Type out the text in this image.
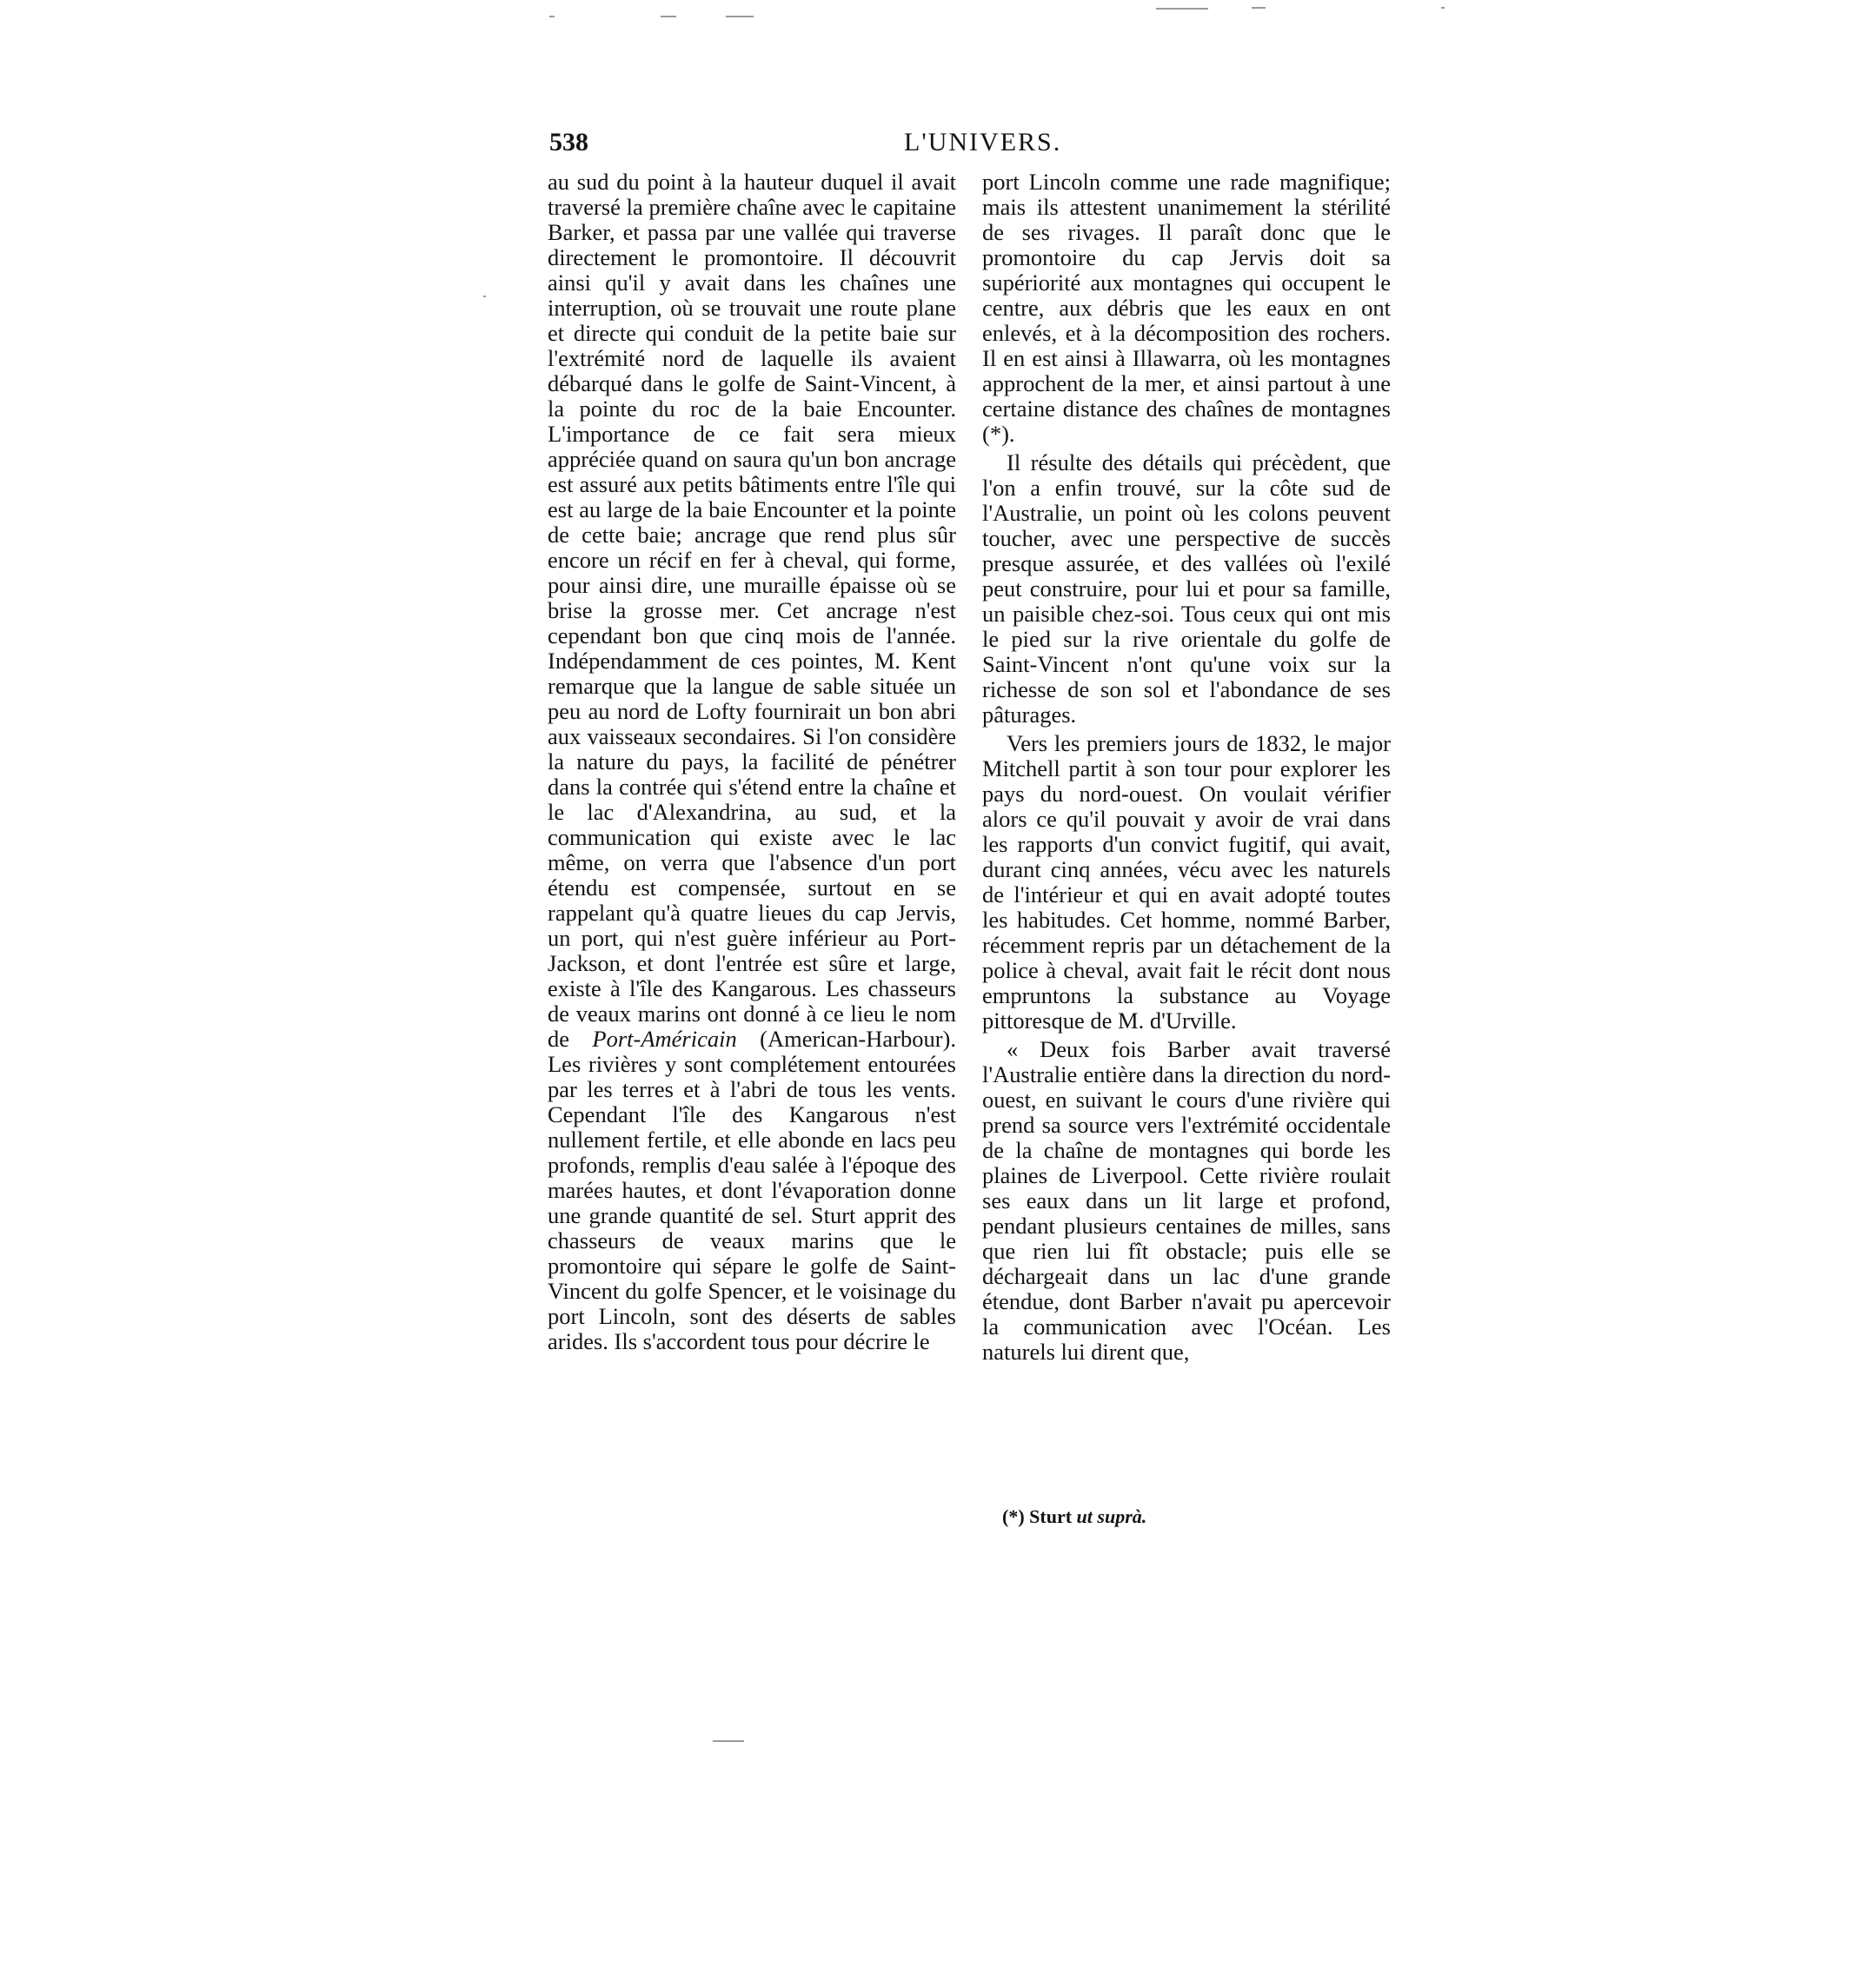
538	L'UNIVERS.

au sud du point à la hauteur duquel il avait traversé la première chaîne avec le capitaine Barker, et passa par une vallée qui traverse directement le promontoire. Il découvrit ainsi qu'il y avait dans les chaînes une interruption, où se trouvait une route plane et directe qui conduit de la petite baie sur l'extrémité nord de laquelle ils avaient débarqué dans le golfe de Saint-Vincent, à la pointe du roc de la baie Encounter. L'importance de ce fait sera mieux appréciée quand on saura qu'un bon ancrage est assuré aux petits bâtiments entre l'île qui est au large de la baie Encounter et la pointe de cette baie; ancrage que rend plus sûr encore un récif en fer à cheval, qui forme, pour ainsi dire, une muraille épaisse où se brise la grosse mer. Cet ancrage n'est cependant bon que cinq mois de l'année. Indépendamment de ces pointes, M. Kent remarque que la langue de sable située un peu au nord de Lofty fournirait un bon abri aux vaisseaux secondaires. Si l'on considère la nature du pays, la facilité de pénétrer dans la contrée qui s'étend entre la chaîne et le lac d'Alexandrina, au sud, et la communication qui existe avec le lac même, on verra que l'absence d'un port étendu est compensée, surtout en se rappelant qu'à quatre lieues du cap Jervis, un port, qui n'est guère inférieur au Port-Jackson, et dont l'entrée est sûre et large, existe à l'île des Kangarous. Les chasseurs de veaux marins ont donné à ce lieu le nom de Port-Américain (American-Harbour). Les rivières y sont complétement entourées par les terres et à l'abri de tous les vents. Cependant l'île des Kangarous n'est nullement fertile, et elle abonde en lacs peu profonds, remplis d'eau salée à l'époque des marées hautes, et dont l'évaporation donne une grande quantité de sel. Sturt apprit des chasseurs de veaux marins que le promontoire qui sépare le golfe de Saint-Vincent du golfe Spencer, et le voisinage du port Lincoln, sont des déserts de sables arides. Ils s'accordent tous pour décrire le

port Lincoln comme une rade magnifique; mais ils attestent unanimement la stérilité de ses rivages. Il paraît donc que le promontoire du cap Jervis doit sa supériorité aux montagnes qui occupent le centre, aux débris que les eaux en ont enlevés, et à la décomposition des rochers. Il en est ainsi à Illawarra, où les montagnes approchent de la mer, et ainsi partout à une certaine distance des chaînes de montagnes (*).

Il résulte des détails qui précèdent, que l'on a enfin trouvé, sur la côte sud de l'Australie, un point où les colons peuvent toucher, avec une perspective de succès presque assurée, et des vallées où l'exilé peut construire, pour lui et pour sa famille, un paisible chez-soi. Tous ceux qui ont mis le pied sur la rive orientale du golfe de Saint-Vincent n'ont qu'une voix sur la richesse de son sol et l'abondance de ses pâturages.

Vers les premiers jours de 1832, le major Mitchell partit à son tour pour explorer les pays du nord-ouest. On voulait vérifier alors ce qu'il pouvait y avoir de vrai dans les rapports d'un convict fugitif, qui avait, durant cinq années, vécu avec les naturels de l'intérieur et qui en avait adopté toutes les habitudes. Cet homme, nommé Barber, récemment repris par un détachement de la police à cheval, avait fait le récit dont nous empruntons la substance au Voyage pittoresque de M. d'Urville.

« Deux fois Barber avait traversé l'Australie entière dans la direction du nord-ouest, en suivant le cours d'une rivière qui prend sa source vers l'extrémité occidentale de la chaîne de montagnes qui borde les plaines de Liverpool. Cette rivière roulait ses eaux dans un lit large et profond, pendant plusieurs centaines de milles, sans que rien lui fît obstacle; puis elle se déchargeait dans un lac d'une grande étendue, dont Barber n'avait pu apercevoir la communication avec l'Océan. Les naturels lui dirent que,

(*) Sturt ut suprà.
